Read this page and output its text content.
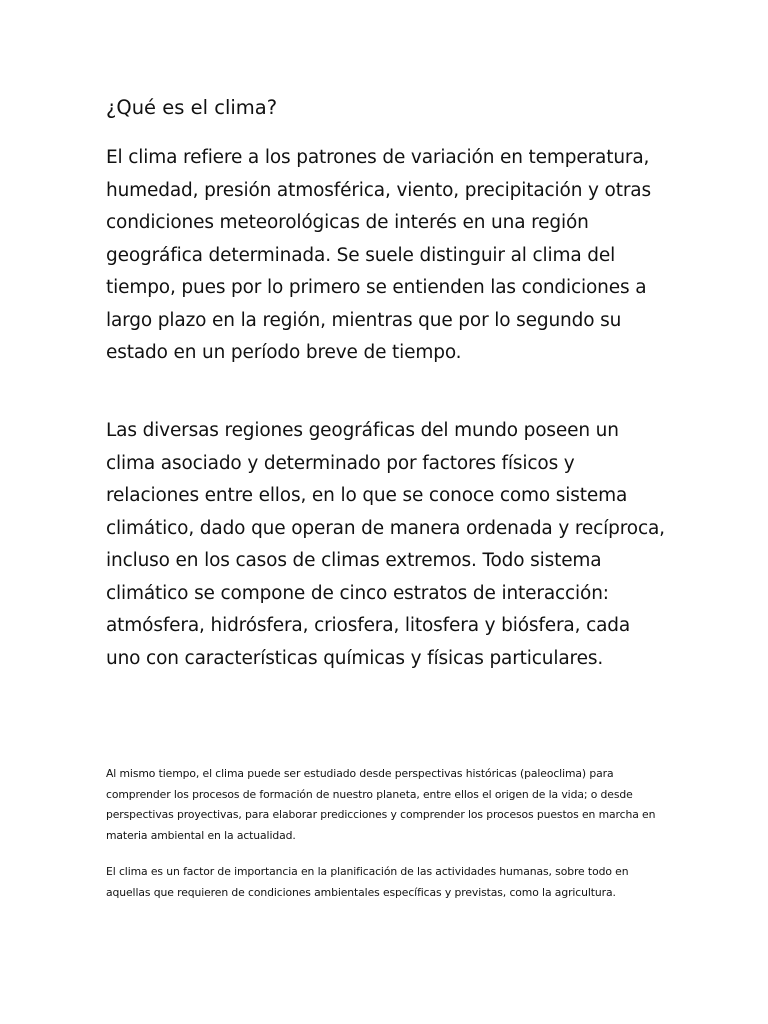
¿Qué es el clima?

El clima refiere a los patrones de variación en temperatura, humedad, presión atmosférica, viento, precipitación y otras condiciones meteorológicas de interés en una región geográfica determinada. Se suele distinguir al clima del tiempo, pues por lo primero se entienden las condiciones a largo plazo en la región, mientras que por lo segundo su estado en un período breve de tiempo.

Las diversas regiones geográficas del mundo poseen un clima asociado y determinado por factores físicos y relaciones entre ellos, en lo que se conoce como sistema climático, dado que operan de manera ordenada y recíproca, incluso en los casos de climas extremos. Todo sistema climático se compone de cinco estratos de interacción: atmósfera, hidrósfera, criosfera, litosfera y biósfera, cada uno con características químicas y físicas particulares.

Al mismo tiempo, el clima puede ser estudiado desde perspectivas históricas (paleoclima) para comprender los procesos de formación de nuestro planeta, entre ellos el origen de la vida; o desde perspectivas proyectivas, para elaborar predicciones y comprender los procesos puestos en marcha en materia ambiental en la actualidad.

El clima es un factor de importancia en la planificación de las actividades humanas, sobre todo en aquellas que requieren de condiciones ambientales específicas y previstas, como la agricultura.
